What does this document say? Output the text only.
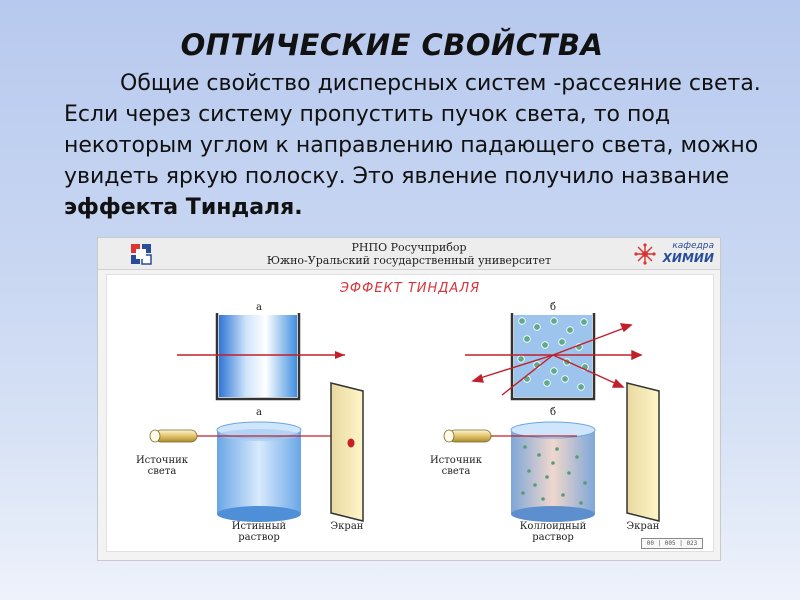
ОПТИЧЕСКИЕ СВОЙСТВА
Общие свойство дисперсных систем -рассеяние света. Если через систему пропустить пучок света, то под некоторым углом к направлению падающего света, можно увидеть яркую полоску. Это явление получило название эффекта Тиндаля.
РНПО Росучприбор
Южно-Уральский государственный университет
кафедра
ХИМИИ
ЭФФЕКТ ТИНДАЛЯ
а	б
а	б
Источник света
Истинный раствор
Экран
Источник света
Коллоидный раствор
Экран
00 | 005 | 023
